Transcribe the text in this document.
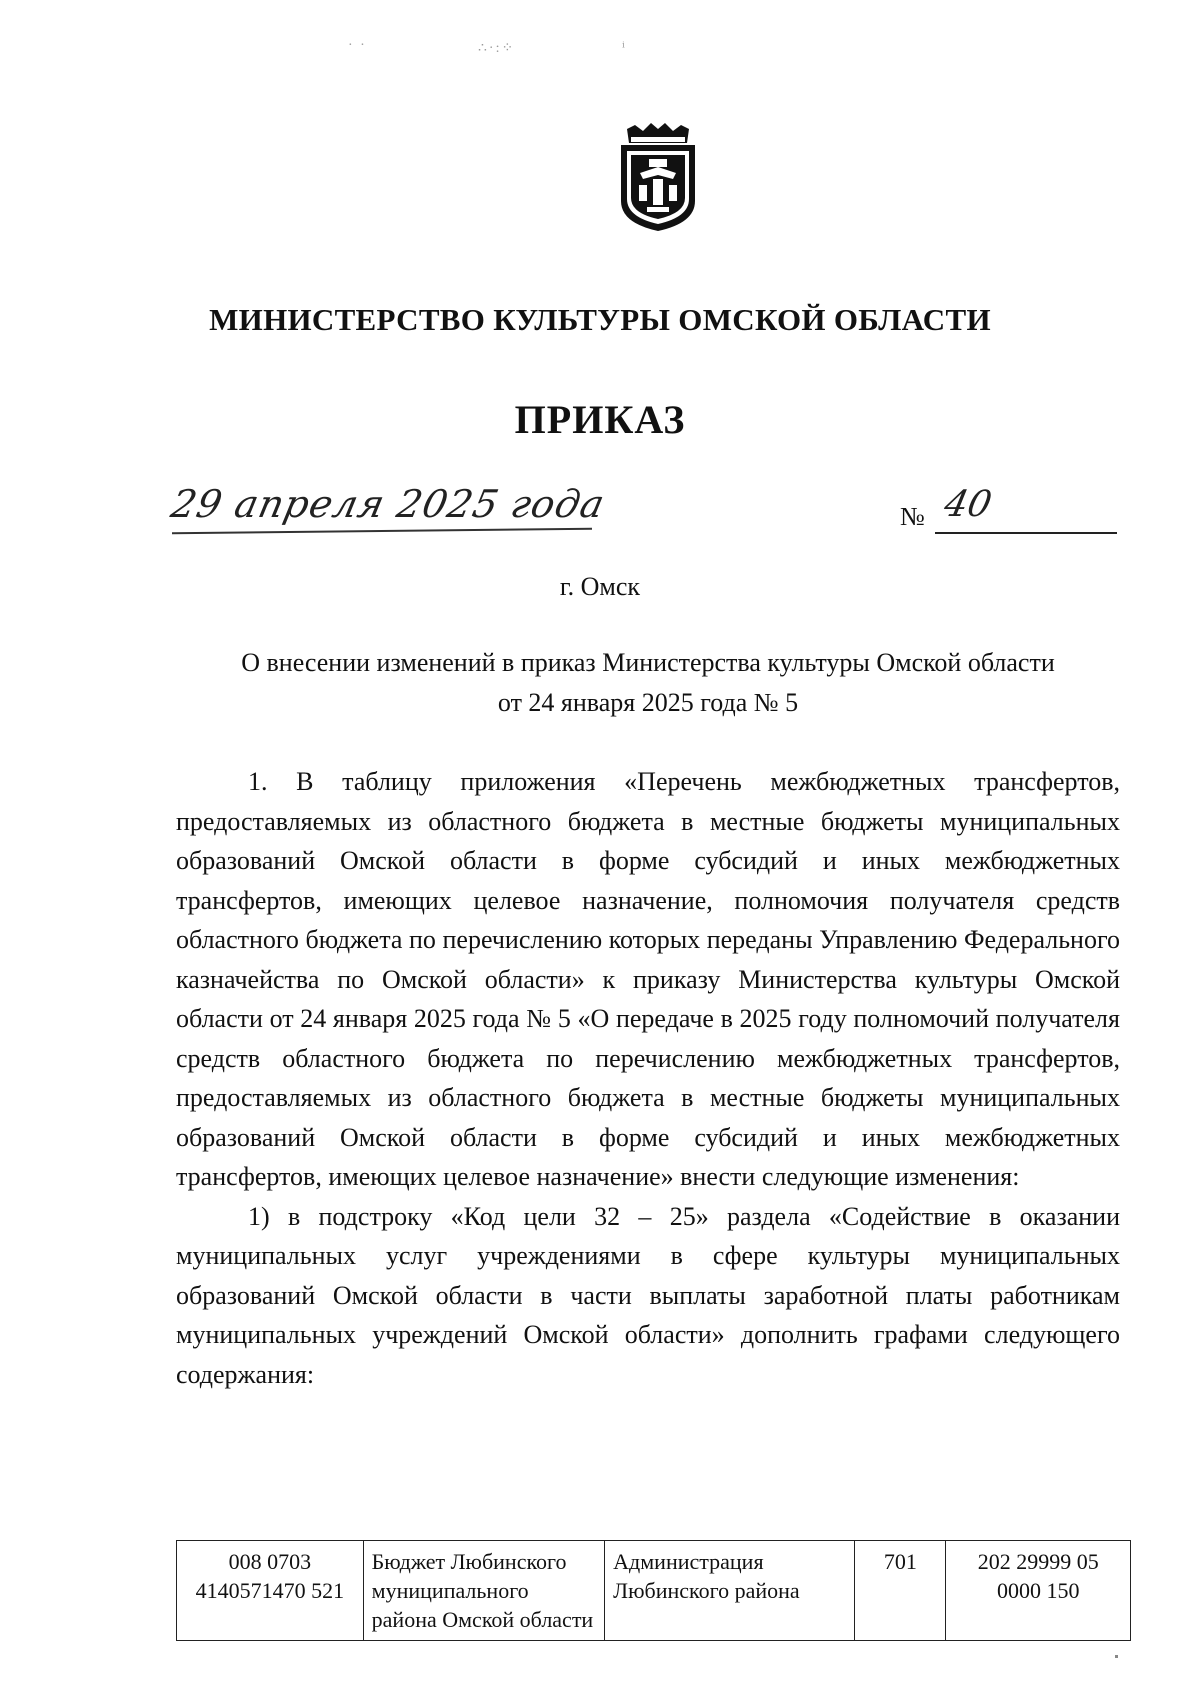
· ·	∴·:⁘	ⁱ
МИНИСТЕРСТВО КУЛЬТУРЫ ОМСКОЙ ОБЛАСТИ
ПРИКАЗ
29 апреля 2025 года	№ 40
г. Омск
О внесении изменений в приказ Министерства культуры Омской области
от 24 января 2025 года № 5

1. В таблицу приложения «Перечень межбюджетных трансфертов, предоставляемых из областного бюджета в местные бюджеты муниципальных образований Омской области в форме субсидий и иных межбюджетных трансфертов, имеющих целевое назначение, полномочия получателя средств областного бюджета по перечислению которых переданы Управлению Федерального казначейства по Омской области» к приказу Министерства культуры Омской области от 24 января 2025 года № 5 «О передаче в 2025 году полномочий получателя средств областного бюджета по перечислению межбюджетных трансфертов, предоставляемых из областного бюджета в местные бюджеты муниципальных образований Омской области в форме субсидий и иных межбюджетных трансфертов, имеющих целевое назначение» внести следующие изменения:

1) в подстроку «Код цели 32 – 25» раздела «Содействие в оказании муниципальных услуг учреждениями в сфере культуры муниципальных образований Омской области в части выплаты заработной платы работникам муниципальных учреждений Омской области» дополнить графами следующего содержания:

008 0703 4140571470 521	Бюджет Любинского муниципального района Омской области	Администрация Любинского района	701	202 29999 05 0000 150
